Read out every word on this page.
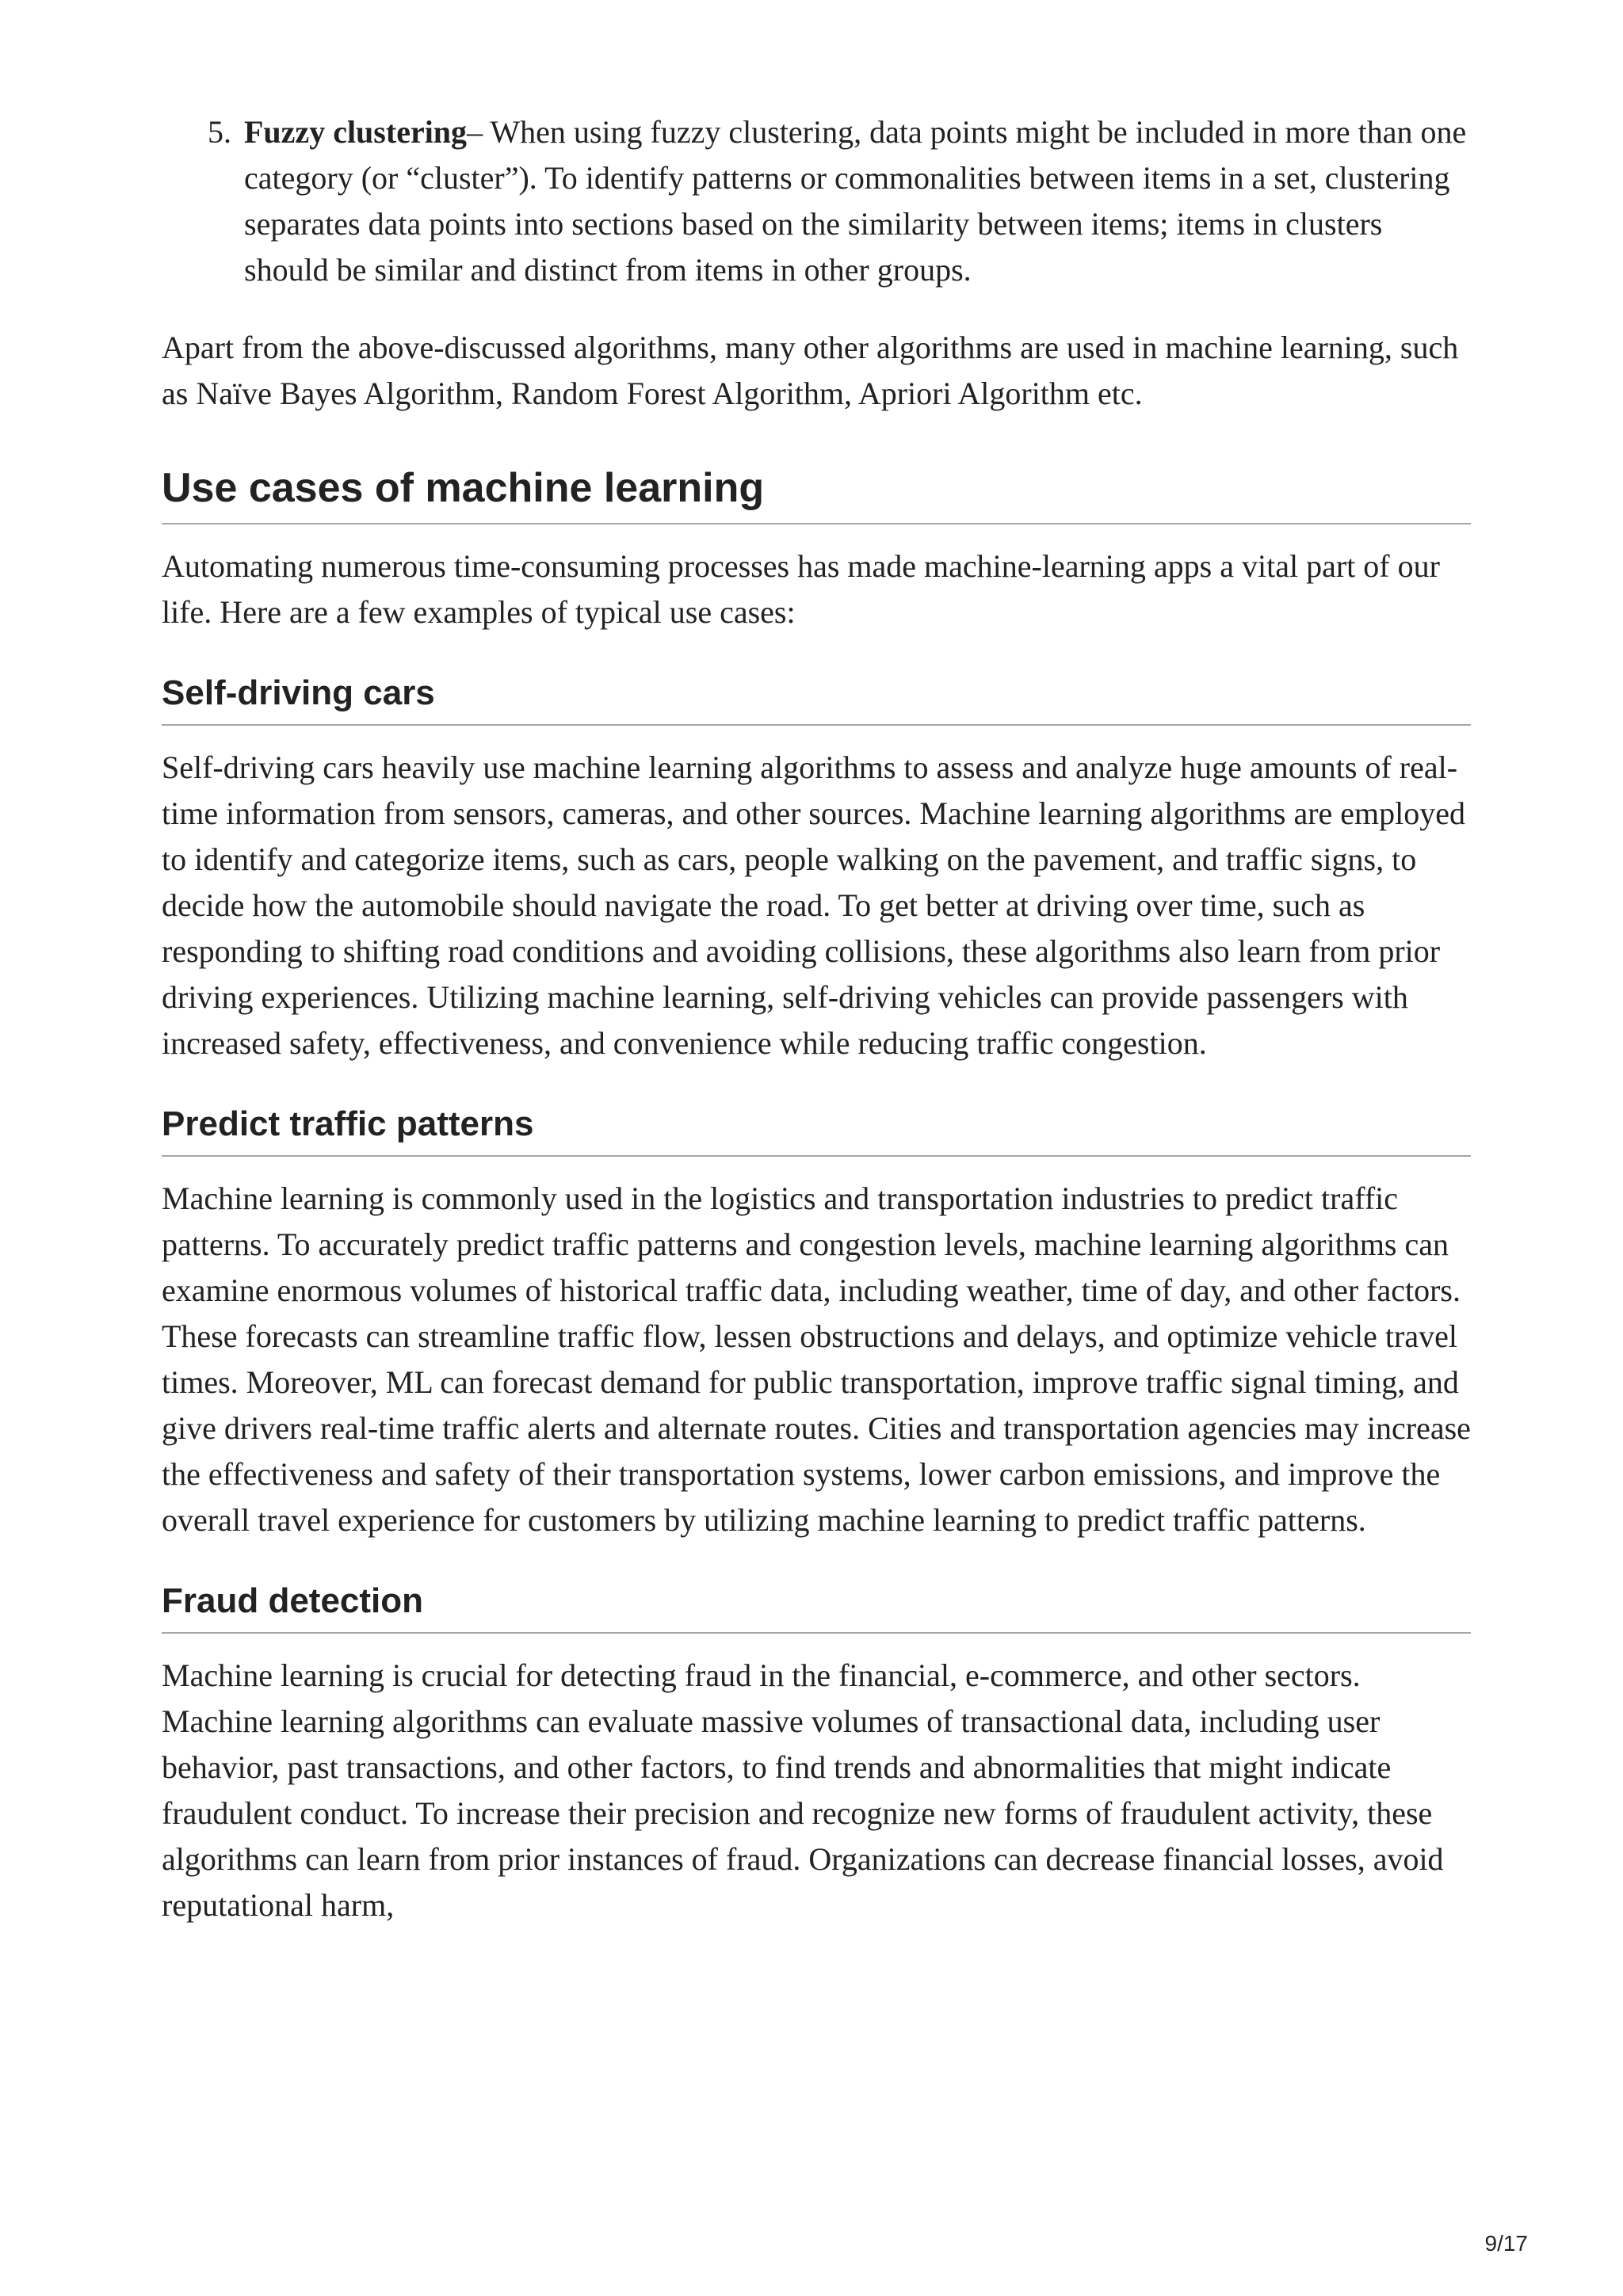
5. Fuzzy clustering– When using fuzzy clustering, data points might be included in more than one category (or “cluster”). To identify patterns or commonalities between items in a set, clustering separates data points into sections based on the similarity between items; items in clusters should be similar and distinct from items in other groups.

Apart from the above-discussed algorithms, many other algorithms are used in machine learning, such as Naïve Bayes Algorithm, Random Forest Algorithm, Apriori Algorithm etc.

Use cases of machine learning

Automating numerous time-consuming processes has made machine-learning apps a vital part of our life. Here are a few examples of typical use cases:

Self-driving cars

Self-driving cars heavily use machine learning algorithms to assess and analyze huge amounts of real-time information from sensors, cameras, and other sources. Machine learning algorithms are employed to identify and categorize items, such as cars, people walking on the pavement, and traffic signs, to decide how the automobile should navigate the road. To get better at driving over time, such as responding to shifting road conditions and avoiding collisions, these algorithms also learn from prior driving experiences. Utilizing machine learning, self-driving vehicles can provide passengers with increased safety, effectiveness, and convenience while reducing traffic congestion.

Predict traffic patterns

Machine learning is commonly used in the logistics and transportation industries to predict traffic patterns. To accurately predict traffic patterns and congestion levels, machine learning algorithms can examine enormous volumes of historical traffic data, including weather, time of day, and other factors. These forecasts can streamline traffic flow, lessen obstructions and delays, and optimize vehicle travel times. Moreover, ML can forecast demand for public transportation, improve traffic signal timing, and give drivers real-time traffic alerts and alternate routes. Cities and transportation agencies may increase the effectiveness and safety of their transportation systems, lower carbon emissions, and improve the overall travel experience for customers by utilizing machine learning to predict traffic patterns.

Fraud detection

Machine learning is crucial for detecting fraud in the financial, e-commerce, and other sectors. Machine learning algorithms can evaluate massive volumes of transactional data, including user behavior, past transactions, and other factors, to find trends and abnormalities that might indicate fraudulent conduct. To increase their precision and recognize new forms of fraudulent activity, these algorithms can learn from prior instances of fraud. Organizations can decrease financial losses, avoid reputational harm,

9/17
